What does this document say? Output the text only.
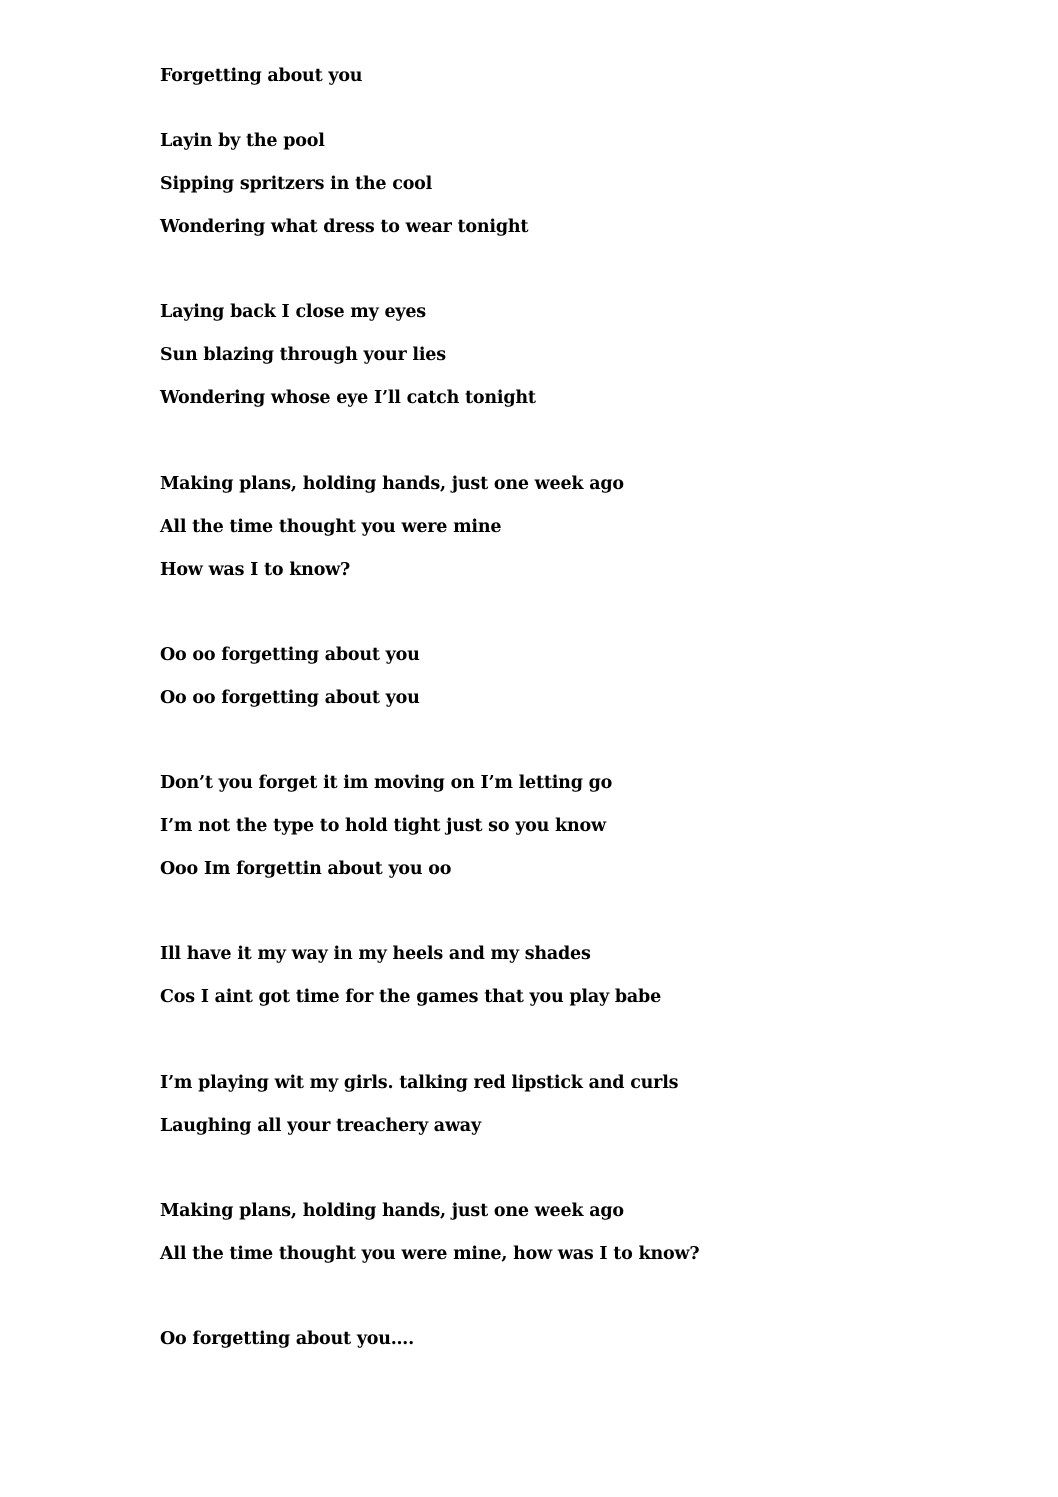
Forgetting about you

Layin by the pool

Sipping spritzers in the cool

Wondering what dress to wear tonight

Laying back I close my eyes

Sun blazing through your lies

Wondering whose eye I’ll catch tonight

Making plans, holding hands, just one week ago

All the time thought you were mine

How was I to know?

Oo oo forgetting about you

Oo oo forgetting about you

Don’t you forget it im moving on I’m letting go

I’m not the type to hold tight just so you know

Ooo Im forgettin about you oo

Ill have it my way in my heels and my shades

Cos I aint got time for the games that you play babe

I’m playing wit my girls. talking red lipstick and curls

Laughing all your treachery away

Making plans, holding hands, just one week ago

All the time thought you were mine, how was I to know?

Oo forgetting about you….
